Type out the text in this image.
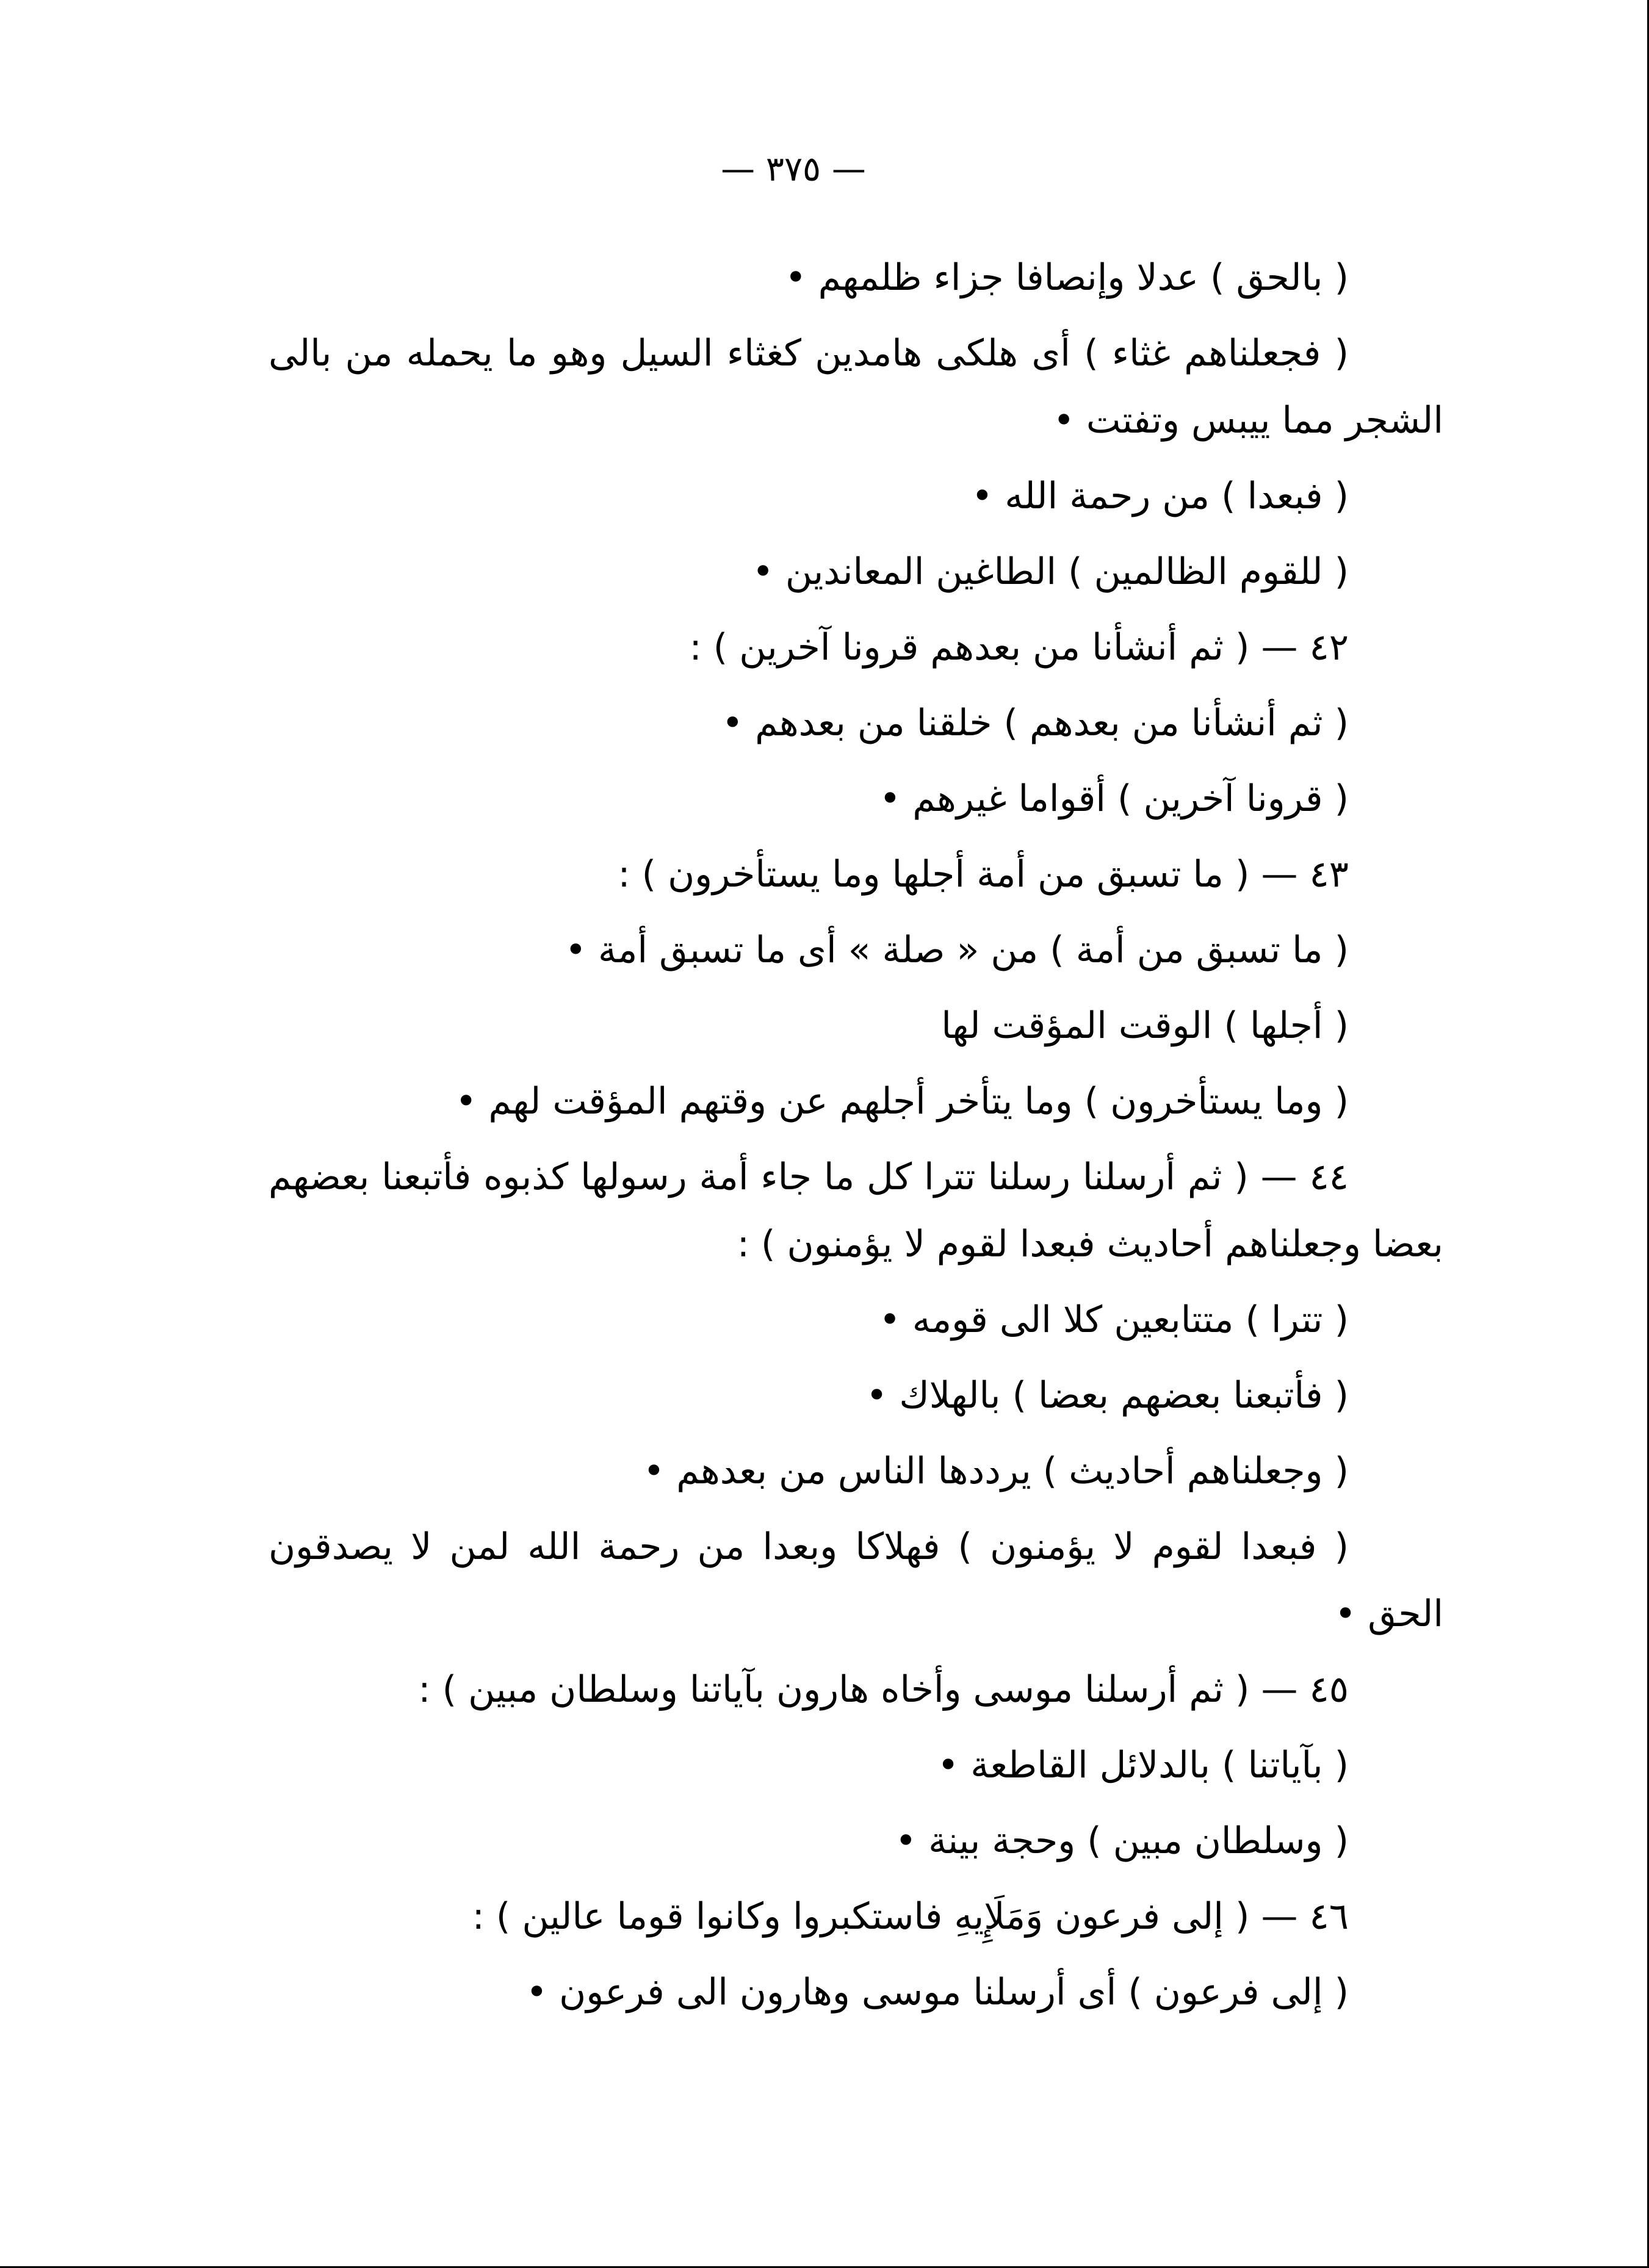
— ٣٧٥ —

( بالحق ) عدلا وإنصافا جزاء ظلمهم •

( فجعلناهم غثاء ) أى هلكى هامدين كغثاء السيل وهو ما يحمله من بالى الشجر مما ييبس وتفتت •

( فبعدا ) من رحمة الله •

( للقوم الظالمين ) الطاغين المعاندين •

٤٢ — ( ثم أنشأنا من بعدهم قرونا آخرين ) :

( ثم أنشأنا من بعدهم ) خلقنا من بعدهم •

( قرونا آخرين ) أقواما غيرهم •

٤٣ — ( ما تسبق من أمة أجلها وما يستأخرون ) :

( ما تسبق من أمة ) من « صلة » أى ما تسبق أمة •

( أجلها ) الوقت المؤقت لها

( وما يستأخرون ) وما يتأخر أجلهم عن وقتهم المؤقت لهم •

٤٤ — ( ثم أرسلنا رسلنا تترا كل ما جاء أمة رسولها كذبوه فأتبعنا بعضهم بعضا وجعلناهم أحاديث فبعدا لقوم لا يؤمنون ) :

( تترا ) متتابعين كلا الى قومه •

( فأتبعنا بعضهم بعضا ) بالهلاك •

( وجعلناهم أحاديث ) يرددها الناس من بعدهم •

( فبعدا لقوم لا يؤمنون ) فهلاكا وبعدا من رحمة الله لمن لا يصدقون الحق •

٤٥ — ( ثم أرسلنا موسى وأخاه هارون بآياتنا وسلطان مبين ) :

( بآياتنا ) بالدلائل القاطعة •

( وسلطان مبين ) وحجة بينة •

٤٦ — ( إلى فرعون وَمَلَإِيهِ فاستكبروا وكانوا قوما عالين ) :

( إلى فرعون ) أى أرسلنا موسى وهارون الى فرعون •
